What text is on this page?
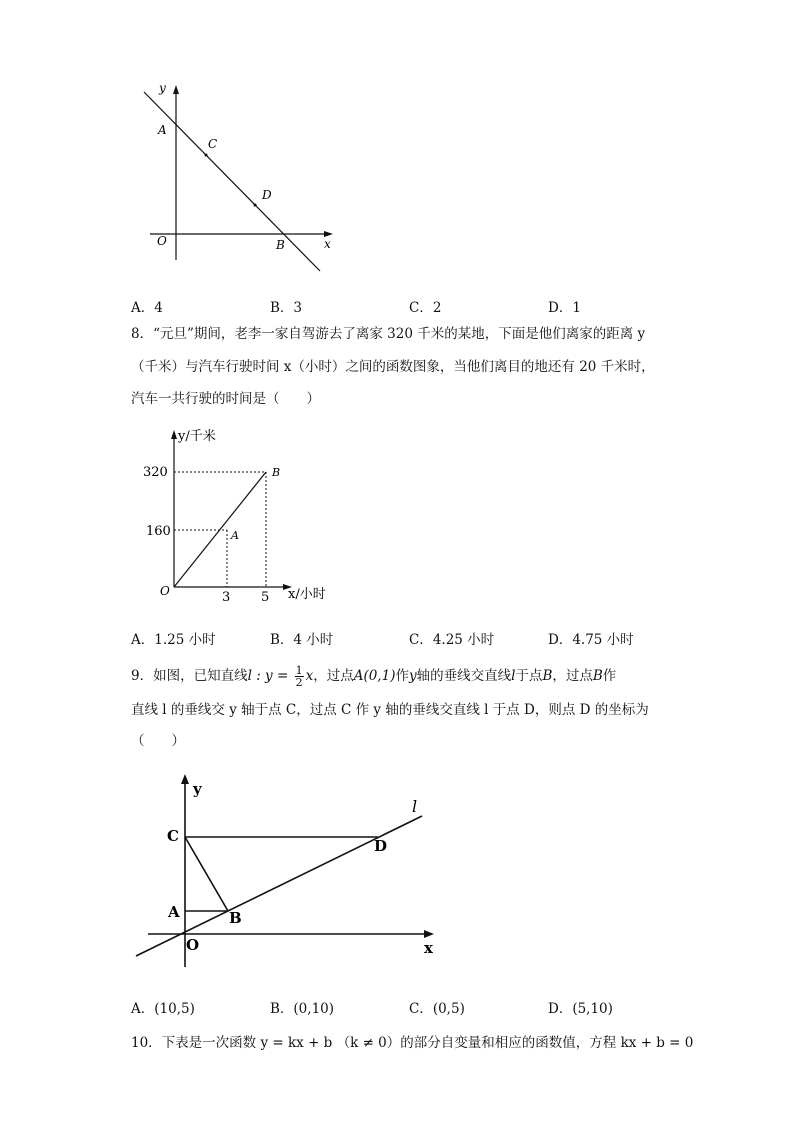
y
x
O
A
B
C
D
A．4	B．3	C．2	D．1
8．“元旦”期间，老李一家自驾游去了离家 320 千米的某地，下面是他们离家的距离 y
（千米）与汽车行驶时间 x（小时）之间的函数图象，当他们离目的地还有 20 千米时，
汽车一共行驶的时间是（　　）
y/千米
x/小时
O
320
160
3 5
A
B
A．1.25 小时	B．4 小时	C．4.25 小时	D．4.75 小时
9．如图，已知直线l : $y = \frac{1}{2}$ x，过点A(0,1)作y轴的垂线交直线l于点B，过点B作
直线 l 的垂线交 y 轴于点 C，过点 C 作 y 轴的垂线交直线 l 于点 D，则点 D 的坐标为
（　　）
y
x
O
l
A	B
C
D
A．(10,5)	B．(0,10)	C．(0,5)	D．(5,10)
10．下表是一次函数 y = kx + b （k ≠ 0）的部分自变量和相应的函数值，方程 kx + b = 0
